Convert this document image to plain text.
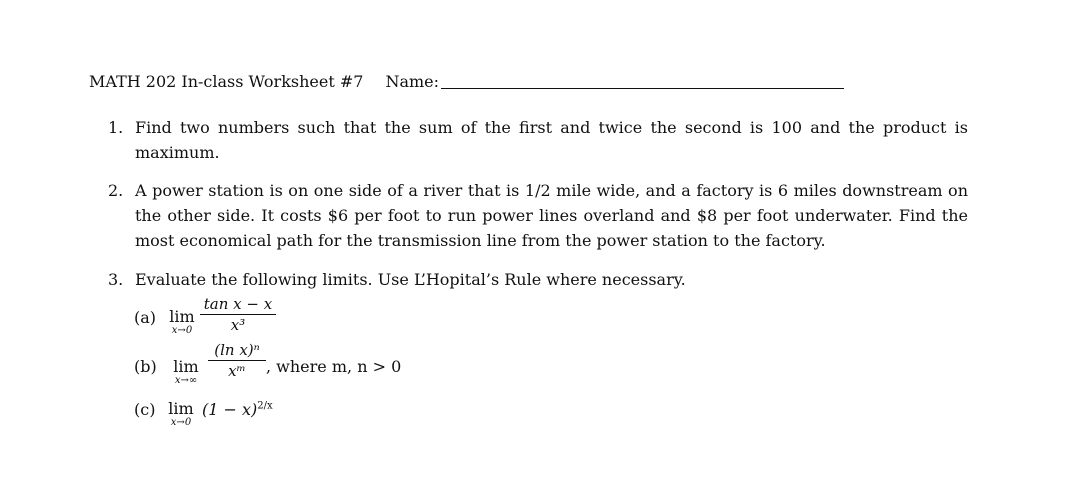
MATH 202 In-class Worksheet #7 Name:
1. Find two numbers such that the sum of the first and twice the second is 100 and the product is maximum.
2. A power station is on one side of a river that is 1/2 mile wide, and a factory is 6 miles downstream on the other side. It costs $6 per foot to run power lines overland and $8 per foot underwater. Find the most economical path for the transmission line from the power station to the factory.
3. Evaluate the following limits. Use L’Hopital’s Rule where necessary.
(a) lim
x→0
tan x − x
x³
(b)	lim
x→∞
(ln x)ⁿ
xᵐ	, where m, n > 0
(c) lim
x→0
$(1 - x)^{2/x}$
